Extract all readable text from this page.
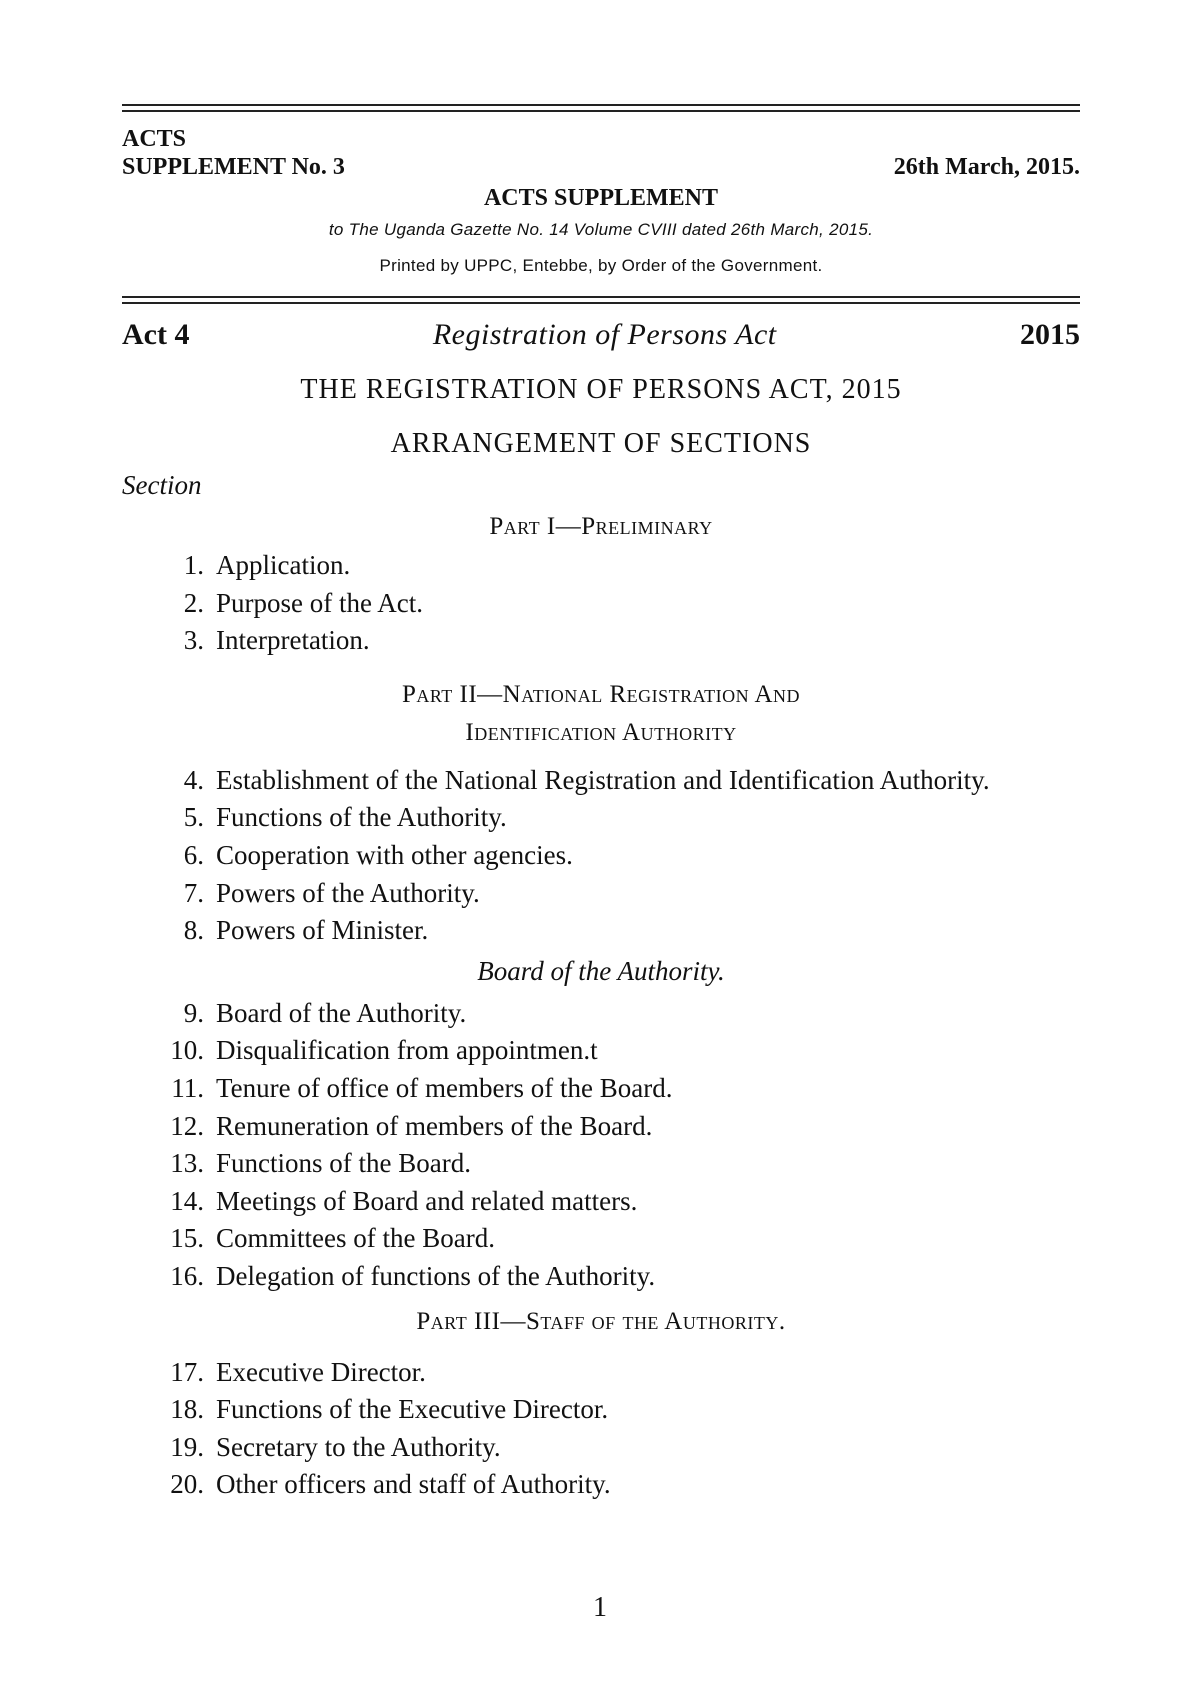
ACTS
SUPPLEMENT No. 3	26th March, 2015.
ACTS SUPPLEMENT
to The Uganda Gazette No. 14 Volume CVIII dated 26th March, 2015.
Printed by UPPC, Entebbe, by Order of the Government.
Act 4	Registration of Persons Act	2015
THE REGISTRATION OF PERSONS ACT, 2015
ARRANGEMENT OF SECTIONS
Section
Part I—Preliminary
1. Application.
2. Purpose of the Act.
3. Interpretation.
Part II—National Registration And
Identification Authority
4. Establishment of the National Registration and Identification Authority.
5. Functions of the Authority.
6. Cooperation with other agencies.
7. Powers of the Authority.
8. Powers of Minister.
Board of the Authority.
9. Board of the Authority.
10. Disqualification from appointmen.t
11. Tenure of office of members of the Board.
12. Remuneration of members of the Board.
13. Functions of the Board.
14. Meetings of Board and related matters.
15. Committees of the Board.
16. Delegation of functions of the Authority.
Part III—Staff of the Authority.
17. Executive Director.
18. Functions of the Executive Director.
19. Secretary to the Authority.
20. Other officers and staff of Authority.
1
